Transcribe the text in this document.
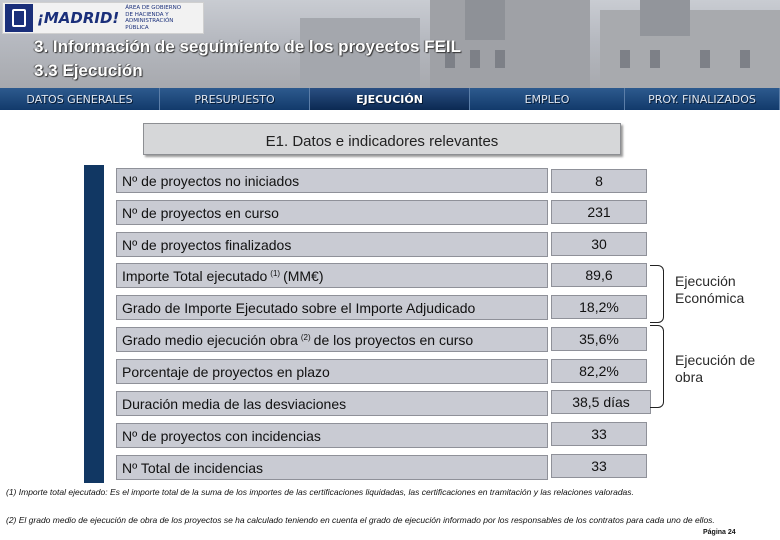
¡MADRID!
ÁREA DE GOBIERNO
DE HACIENDA Y
ADMINISTRACIÓN PÚBLICA
3. Información de seguimiento de los proyectos FEIL
3.3 Ejecución
DATOS GENERALES	PRESUPUESTO	EJECUCIÓN	EMPLEO	PROY. FINALIZADOS
E1. Datos e indicadores relevantes
Nº de proyectos no iniciados	8
Nº de proyectos en curso	231
Nº de proyectos finalizados	30
Importe Total ejecutado $^{(1)}$ (MM€)	89,6
Grado de Importe Ejecutado sobre el Importe Adjudicado	18,2%
Grado medio ejecución obra $^{(2)}$ de los proyectos en curso	35,6%
Porcentaje de proyectos en plazo	82,2%
Duración media de las desviaciones	38,5 días
Nº de proyectos con incidencias	33
Nº Total de incidencias	33
Ejecución
Económica
Ejecución de
obra
(1) Importe total ejecutado: Es el importe total de la suma de los importes de las certificaciones liquidadas, las certificaciones en tramitación y las relaciones valoradas.
(2) El grado medio de ejecución de obra de los proyectos se ha calculado teniendo en cuenta el grado de ejecución informado por los responsables de los contratos para cada uno de ellos.
Página 24
